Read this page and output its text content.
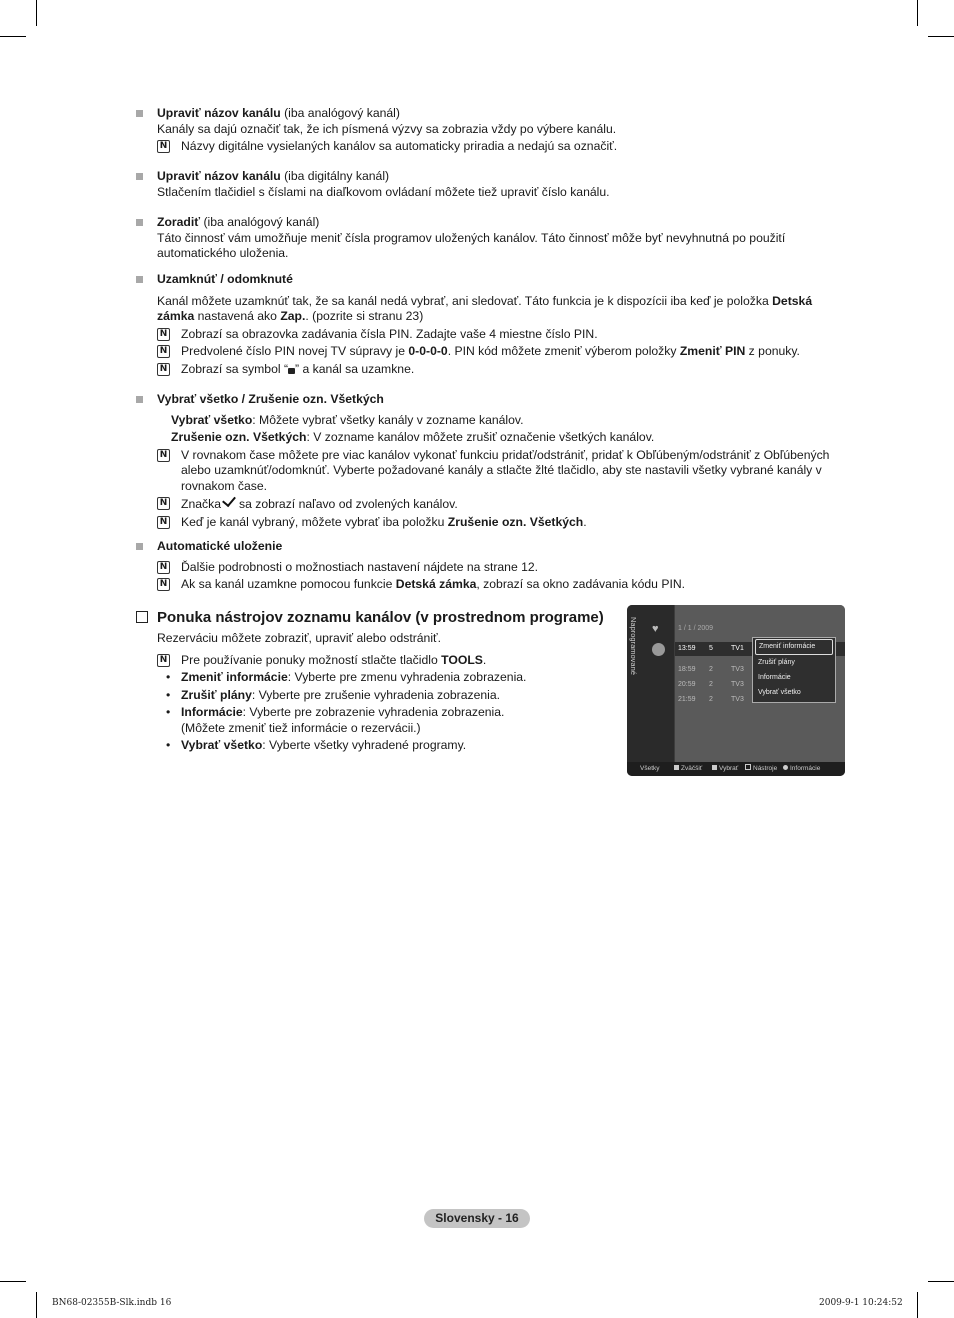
Upraviť názov kanálu (iba analógový kanál)
Kanály sa dajú označiť tak, že ich písmená výzvy sa zobrazia vždy po výbere kanálu.
N Názvy digitálne vysielaných kanálov sa automaticky priradia a nedajú sa označiť.
Upraviť názov kanálu (iba digitálny kanál)
Stlačením tlačidiel s číslami na diaľkovom ovládaní môžete tiež upraviť číslo kanálu.
Zoradiť (iba analógový kanál)
Táto činnosť vám umožňuje meniť čísla programov uložených kanálov. Táto činnosť môže byť nevyhnutná po použití automatického uloženia.
Uzamknúť / odomknuté
Kanál môžete uzamknúť tak, že sa kanál nedá vybrať, ani sledovať. Táto funkcia je k dispozícii iba keď je položka Detská zámka nastavená ako Zap.. (pozrite si stranu 23)
N Zobrazí sa obrazovka zadávania čísla PIN. Zadajte vaše 4 miestne číslo PIN.
N Predvolené číslo PIN novej TV súpravy je 0-0-0-0. PIN kód môžete zmeniť výberom položky Zmeniť PIN z ponuky.
N Zobrazí sa symbol “ ” a kanál sa uzamkne.
Vybrať všetko / Zrušenie ozn. Všetkých
Vybrať všetko: Môžete vybrať všetky kanály v zozname kanálov.
Zrušenie ozn. Všetkých: V zozname kanálov môžete zrušiť označenie všetkých kanálov.
N V rovnakom čase môžete pre viac kanálov vykonať funkciu pridať/odstrániť, pridať k Obľúbeným/odstrániť z Obľúbených alebo uzamknúť/odomknúť. Vyberte požadované kanály a stlačte žlté tlačidlo, aby ste nastavili všetky vybrané kanály v rovnakom čase.
N Značka sa zobrazí naľavo od zvolených kanálov.
N Keď je kanál vybraný, môžete vybrať iba položku Zrušenie ozn. Všetkých.
Automatické uloženie
N Ďalšie podrobnosti o možnostiach nastavení nájdete na strane 12.
N Ak sa kanál uzamkne pomocou funkcie Detská zámka, zobrazí sa okno zadávania kódu PIN.
Ponuka nástrojov zoznamu kanálov (v prostrednom programe)
Rezerváciu môžete zobraziť, upraviť alebo odstrániť.
N Pre používanie ponuky možností stlačte tlačidlo TOOLS.
• Zmeniť informácie: Vyberte pre zmenu vyhradenia zobrazenia.
• Zrušiť plány: Vyberte pre zrušenie vyhradenia zobrazenia.
• Informácie: Vyberte pre zobrazenie vyhradenia zobrazenia.
(Môžete zmeniť tiež informácie o rezervácii.)
• Vybrať všetko: Vyberte všetky vyhradené programy.
Naprogramované ♥	1 / 1 / 2009
13:59 5	TV1
18:59 2	TV3
20:59 2	TV3
21:59 2	TV3
Zmeniť informácie
Zrušiť plány
Informácie
Vybrať všetko
Všetky	Zväčšiť	Vybrať Nástroje Informácie
Slovensky - 16
BN68-02355B-Slk.indb 16	2009-9-1 10:24:52
